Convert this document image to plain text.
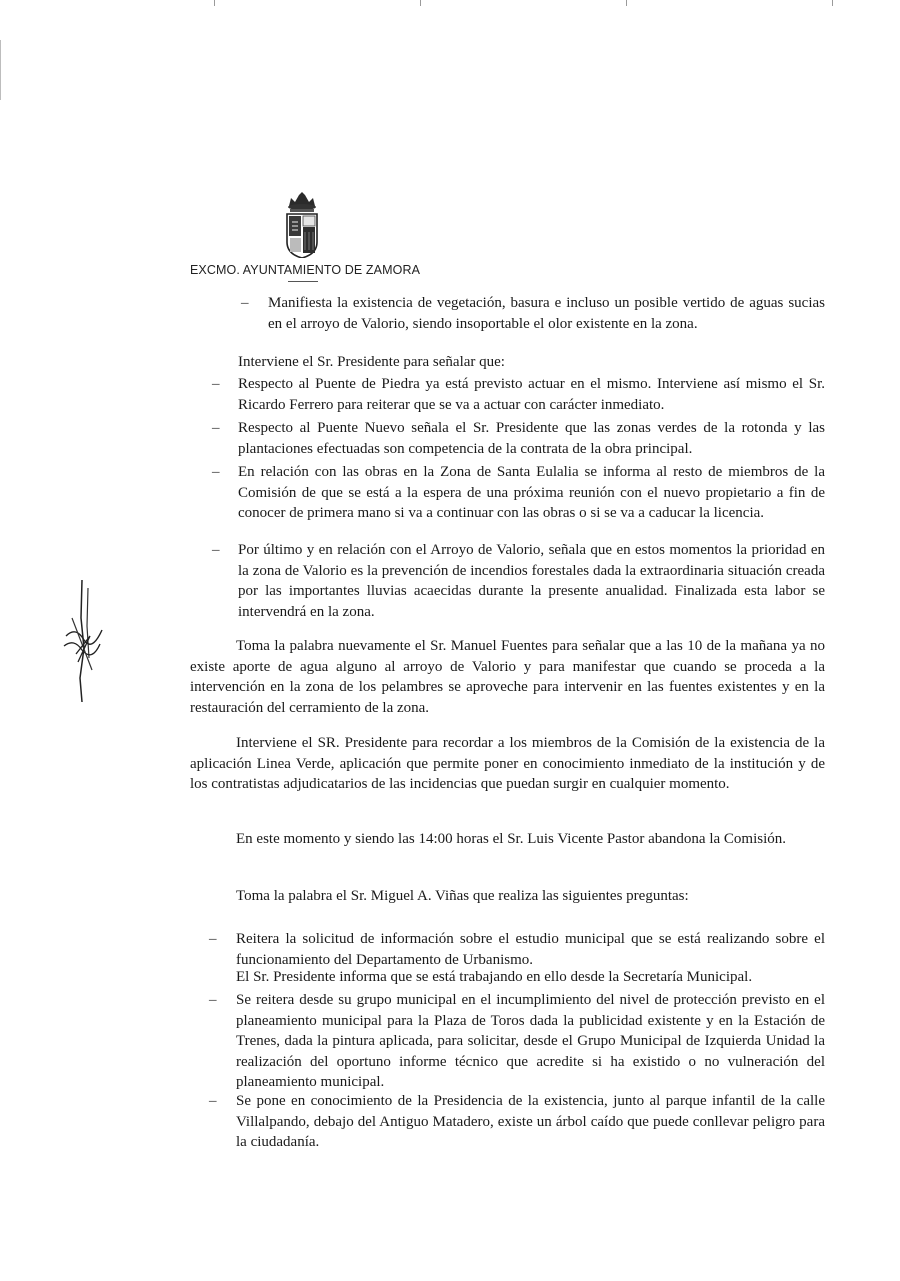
EXCMO. AYUNTAMIENTO DE ZAMORA
– Manifiesta la existencia de vegetación, basura e incluso un posible vertido de aguas sucias en el arroyo de Valorio, siendo insoportable el olor existente en la zona.
Interviene el Sr. Presidente para señalar que:
– Respecto al Puente de Piedra ya está previsto actuar en el mismo. Interviene así mismo el Sr. Ricardo Ferrero para reiterar que se va a actuar con carácter inmediato.
– Respecto al Puente Nuevo señala el Sr. Presidente que las zonas verdes de la rotonda y las plantaciones efectuadas son competencia de la contrata de la obra principal.
– En relación con las obras en la Zona de Santa Eulalia se informa al resto de miembros de la Comisión de que se está a la espera de una próxima reunión con el nuevo propietario a fin de conocer de primera mano si va a continuar con las obras o si se va a caducar la licencia.
– Por último y en relación con el Arroyo de Valorio, señala que en estos momentos la prioridad en la zona de Valorio es la prevención de incendios forestales dada la extraordinaria situación creada por las importantes lluvias acaecidas durante la presente anualidad. Finalizada esta labor se intervendrá en la zona.
Toma la palabra nuevamente el Sr. Manuel Fuentes para señalar que a las 10 de la mañana ya no existe aporte de agua alguno al arroyo de Valorio y para manifestar que cuando se proceda a la intervención en la zona de los pelambres se aproveche para intervenir en las fuentes existentes y en la restauración del cerramiento de la zona.
Interviene el SR. Presidente para recordar a los miembros de la Comisión de la existencia de la aplicación Linea Verde, aplicación que permite poner en conocimiento inmediato de la institución y de los contratistas adjudicatarios de las incidencias que puedan surgir en cualquier momento.
En este momento y siendo las 14:00 horas el Sr. Luis Vicente Pastor abandona la Comisión.
Toma la palabra el Sr. Miguel A. Viñas que realiza las siguientes preguntas:
– Reitera la solicitud de información sobre el estudio municipal que se está realizando sobre el funcionamiento del Departamento de Urbanismo.
El Sr. Presidente informa que se está trabajando en ello desde la Secretaría Municipal.
– Se reitera desde su grupo municipal en el incumplimiento del nivel de protección previsto en el planeamiento municipal para la Plaza de Toros dada la publicidad existente y en la Estación de Trenes, dada la pintura aplicada, para solicitar, desde el Grupo Municipal de Izquierda Unidad la realización del oportuno informe técnico que acredite si ha existido o no vulneración del planeamiento municipal.
– Se pone en conocimiento de la Presidencia de la existencia, junto al parque infantil de la calle Villalpando, debajo del Antiguo Matadero, existe un árbol caído que puede conllevar peligro para la ciudadanía.
